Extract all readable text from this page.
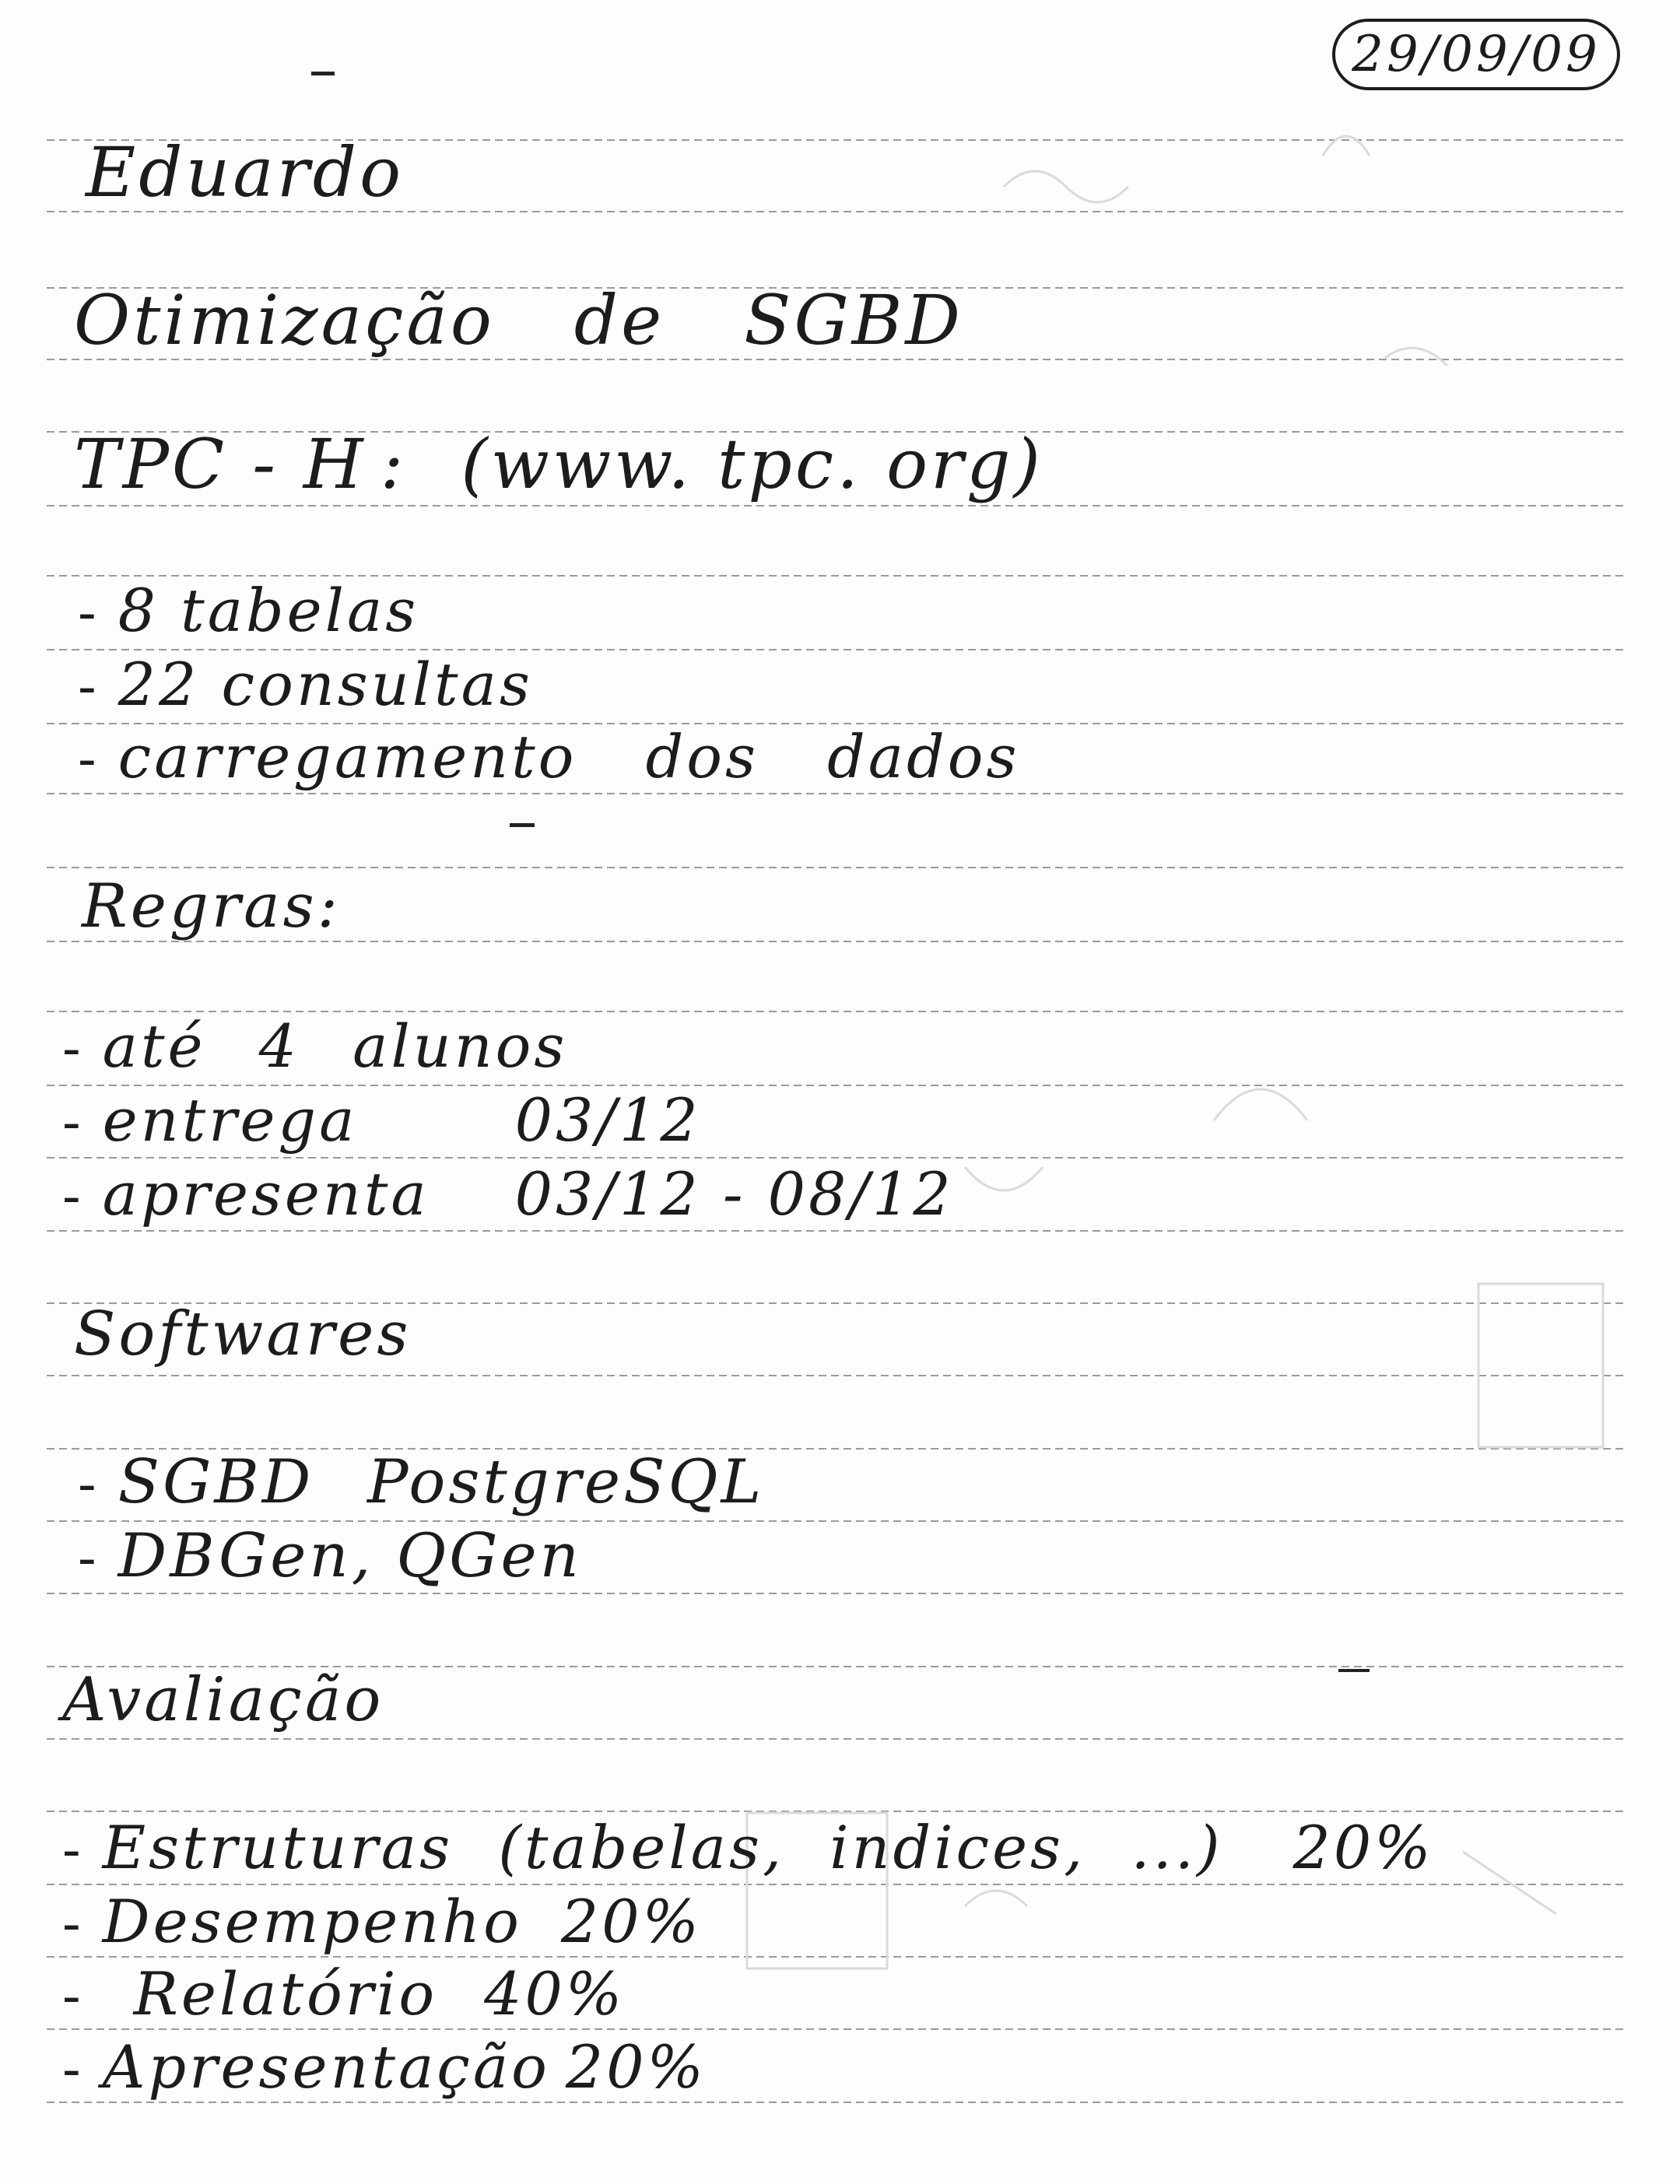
29/09/09
Eduardo
Otimização de SGBD
TPC - H : (www. tpc. org)
- 8 tabelas
- 22 consultas
- carregamento dos dados
Regras:
- até 4 alunos
- entrega	03/12
- apresenta 03/12 - 08/12
Softwares
- SGBD PostgreSQL
- DBGen, QGen
Avaliação
- Estruturas (tabelas, indices, ...) 20%
- Desempenho 20%
- Relatório 40%
- Apresentação 20%
